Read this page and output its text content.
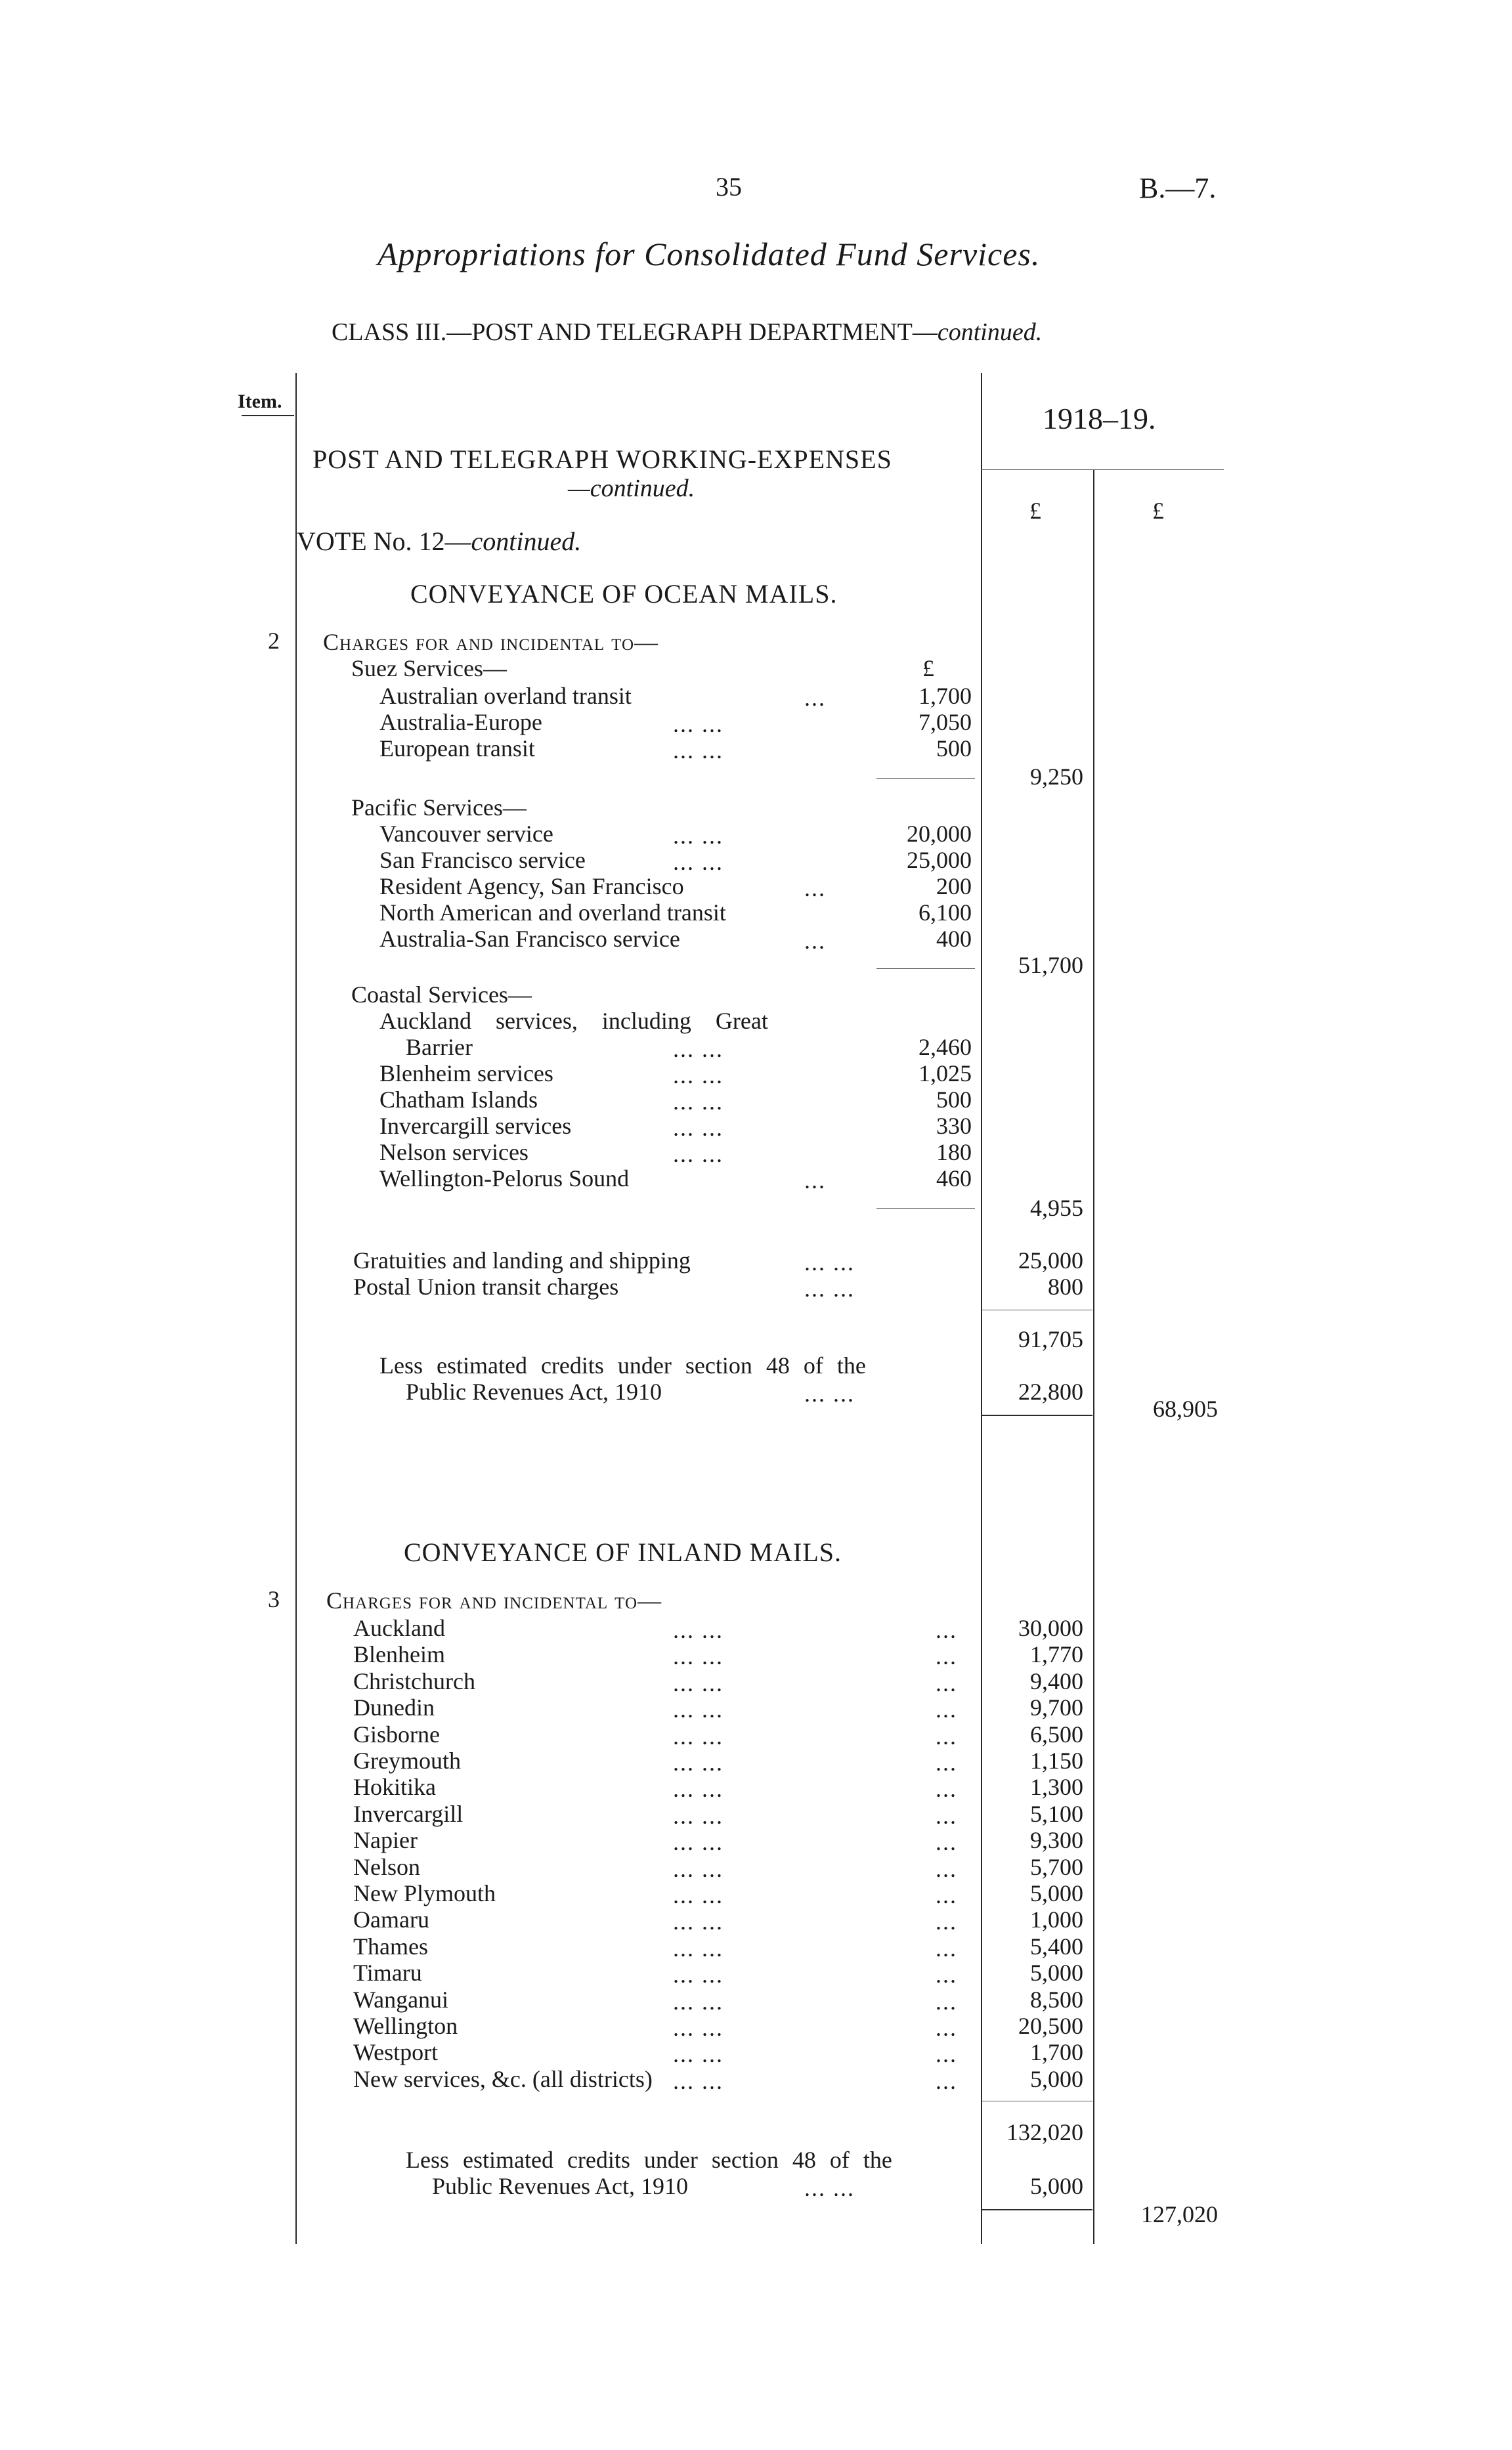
35	B.—7.
Appropriations for Consolidated Fund Services.
CLASS III.—POST AND TELEGRAPH DEPARTMENT—continued.
Item.
1918–19.
£	£
POST AND TELEGRAPH WORKING-EXPENSES
—continued.
VOTE No. 12—continued.
CONVEYANCE OF OCEAN MAILS.
2 Charges for and incidental to—
£
Suez Services—
Australian overland transit	...	1,700
Australia-Europe	... ...	7,050
European transit	... ...	500
9,250
Pacific Services—
Vancouver service	... ...	20,000
San Francisco service	... ...	25,000
Resident Agency, San Francisco	...	200
North American and overland transit	6,100
Australia-San Francisco service	...	400
51,700
Coastal Services—
Auckland services, including Great
Barrier	... ...	2,460
Blenheim services	... ...	1,025
Chatham Islands	... ...	500
Invercargill services	... ...	330
Nelson services	... ...	180
Wellington-Pelorus Sound	...	460
4,955
Gratuities and landing and shipping	... ...	25,000
Postal Union transit charges	... ...	800
91,705
Less estimated credits under section 48 of the
Public Revenues Act, 1910	... ...	22,800
68,905
CONVEYANCE OF INLAND MAILS.
3 Charges for and incidental to—
Auckland	... ...	...	30,000
Blenheim	... ...	...	1,770
Christchurch	... ...	...	9,400
Dunedin	... ...	...	9,700
Gisborne	... ...	...	6,500
Greymouth	... ...	...	1,150
Hokitika	... ...	...	1,300
Invercargill	... ...	...	5,100
Napier	... ...	...	9,300
Nelson	... ...	...	5,700
New Plymouth	... ...	...	5,000
Oamaru	... ...	...	1,000
Thames	... ...	...	5,400
Timaru	... ...	...	5,000
Wanganui	... ...	...	8,500
Wellington	... ...	...	20,500
Westport	... ...	...	1,700
New services, &c. (all districts) ... ...	...	5,000
132,020
Less estimated credits under section 48 of the
Public Revenues Act, 1910	... ...	5,000
127,020
